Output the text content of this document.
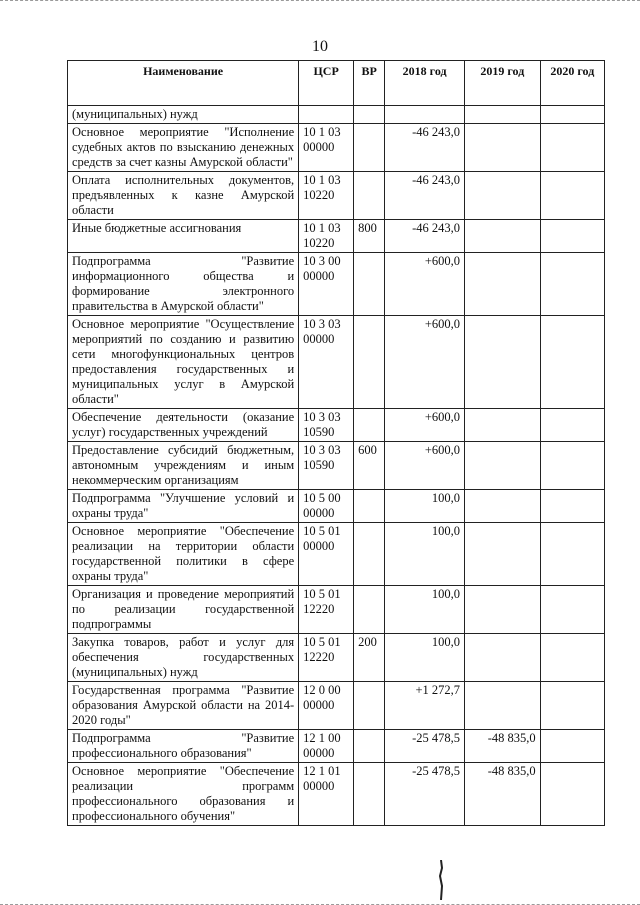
10
Наименование	ЦСР	ВР	2018 год	2019 год	2020 год
(муниципальных) нужд					
Основное мероприятие "Исполнение судебных актов по взысканию денежных средств за счет казны Амурской области"	10 1 03 00000		-46 243,0		
Оплата исполнительных документов, предъявленных к казне Амурской области	10 1 03 10220		-46 243,0		
Иные бюджетные ассигнования	10 1 03 10220	800	-46 243,0		
Подпрограмма "Развитие информационного общества и формирование электронного правительства в Амурской области"	10 3 00 00000		+600,0		
Основное мероприятие "Осуществление мероприятий по созданию и развитию сети многофункциональных центров предоставления государственных и муниципальных услуг в Амурской области"	10 3 03 00000		+600,0		
Обеспечение деятельности (оказание услуг) государственных учреждений	10 3 03 10590		+600,0		
Предоставление субсидий бюджетным, автономным учреждениям и иным некоммерческим организациям	10 3 03 10590	600	+600,0		
Подпрограмма "Улучшение условий и охраны труда"	10 5 00 00000		100,0		
Основное мероприятие "Обеспечение реализации на территории области государственной политики в сфере охраны труда"	10 5 01 00000		100,0		
Организация и проведение мероприятий по реализации государственной подпрограммы	10 5 01 12220		100,0		
Закупка товаров, работ и услуг для обеспечения государственных (муниципальных) нужд	10 5 01 12220	200	100,0		
Государственная программа "Развитие образования Амурской области на 2014-2020 годы"	12 0 00 00000		+1 272,7		
Подпрограмма "Развитие профессионального образования"	12 1 00 00000		-25 478,5	-48 835,0	
Основное мероприятие "Обеспечение реализации программ профессионального образования и профессионального обучения"	12 1 01 00000		-25 478,5	-48 835,0	
